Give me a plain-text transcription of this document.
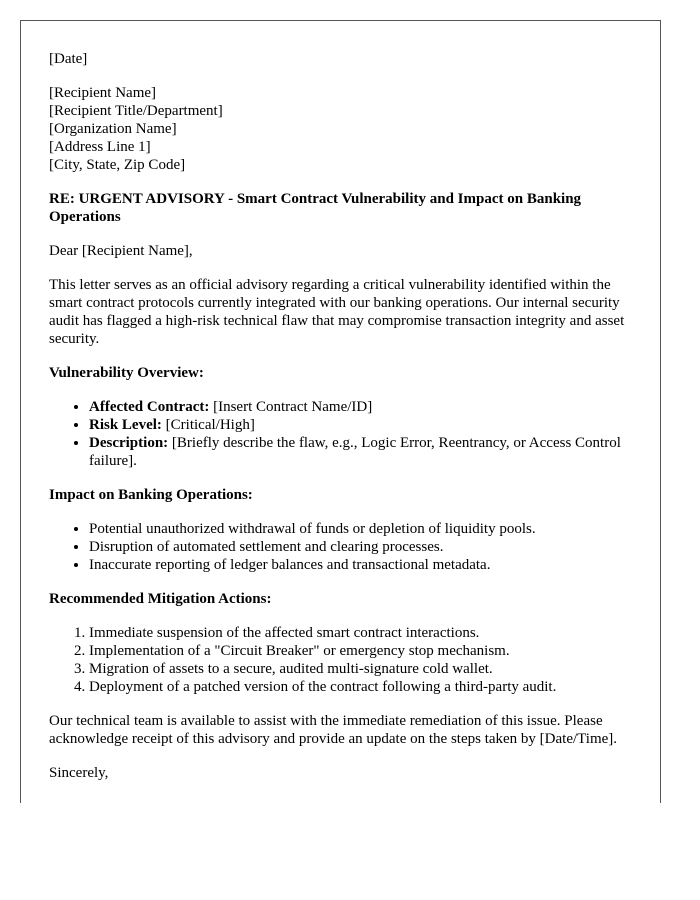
[Date]

[Recipient Name]
[Recipient Title/Department]
[Organization Name]
[Address Line 1]
[City, State, Zip Code]

RE: URGENT ADVISORY - Smart Contract Vulnerability and Impact on Banking Operations

Dear [Recipient Name],

This letter serves as an official advisory regarding a critical vulnerability identified within the smart contract protocols currently integrated with our banking operations. Our internal security audit has flagged a high-risk technical flaw that may compromise transaction integrity and asset security.

Vulnerability Overview:

• Affected Contract: [Insert Contract Name/ID]
• Risk Level: [Critical/High]
• Description: [Briefly describe the flaw, e.g., Logic Error, Reentrancy, or Access Control failure].

Impact on Banking Operations:

• Potential unauthorized withdrawal of funds or depletion of liquidity pools.
• Disruption of automated settlement and clearing processes.
• Inaccurate reporting of ledger balances and transactional metadata.

Recommended Mitigation Actions:

1. Immediate suspension of the affected smart contract interactions.
2. Implementation of a "Circuit Breaker" or emergency stop mechanism.
3. Migration of assets to a secure, audited multi-signature cold wallet.
4. Deployment of a patched version of the contract following a third-party audit.

Our technical team is available to assist with the immediate remediation of this issue. Please acknowledge receipt of this advisory and provide an update on the steps taken by [Date/Time].

Sincerely,
